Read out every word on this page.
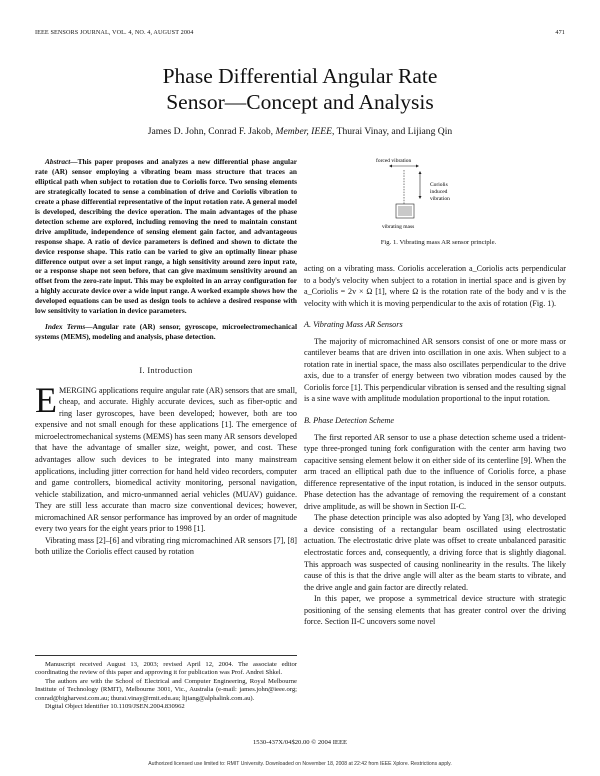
IEEE SENSORS JOURNAL, VOL. 4, NO. 4, AUGUST 2004	471
Phase Differential Angular Rate
Sensor—Concept and Analysis
James D. John, Conrad F. Jakob, Member, IEEE, Thurai Vinay, and Lijiang Qin

Abstract—This paper proposes and analyzes a new differential phase angular rate (AR) sensor employing a vibrating beam mass structure that traces an elliptical path when subject to rotation due to Coriolis force. Two sensing elements are strategically located to sense a combination of drive and Coriolis vibration to create a phase differential representative of the input rotation rate. A general model is developed, describing the device operation. The main advantages of the phase detection scheme are explored, including removing the need to maintain constant drive amplitude, independence of sensing element gain factor, and advantageous response shape. A ratio of device parameters is defined and shown to dictate the device response shape. This ratio can be varied to give an optimally linear phase difference output over a set input range, a high sensitivity around zero input rate, or a response shape not seen before, that can give maximum sensitivity around an offset from the zero-rate input. This may be exploited in an array configuration for a highly accurate device over a wide input range. A worked example shows how the developed equations can be used as design tools to achieve a desired response with low sensitivity to variation in device parameters.

Index Terms—Angular rate (AR) sensor, gyroscope, microelectromechanical systems (MEMS), modeling and analysis, phase detection.

I. Introduction

EMERGING applications require angular rate (AR) sensors that are small, cheap, and accurate. Highly accurate devices, such as fiber-optic and ring laser gyroscopes, have been developed; however, both are too expensive and not small enough for these applications [1]. The emergence of microelectromechanical systems (MEMS) has seen many AR sensors developed that have the advantage of smaller size, weight, power, and cost. These advantages allow such devices to be integrated into many mainstream applications, including jitter correction for hand held video recorders, computer and game controllers, biomedical activity monitoring, personal navigation, vehicle stabilization, and micro-unmanned aerial vehicles (MUAV) guidance. They are still less accurate than macro size conventional devices; however, micromachined AR sensor performance has improved by an order of magnitude every two years for the eight years prior to 1998 [1].

Vibrating mass [2]–[6] and vibrating ring micromachined AR sensors [7], [8] both utilize the Coriolis effect caused by rotation

Manuscript received August 13, 2003; revised April 12, 2004. The associate editor coordinating the review of this paper and approving it for publication was Prof. Andrei Shkel.

The authors are with the School of Electrical and Computer Engineering, Royal Melbourne Institute of Technology (RMIT), Melbourne 3001, Vic., Australia (e-mail: james.john@ieee.org; conrad@bigharvest.com.au; thurai.vinay@rmit.edu.au; lijiang@alphalink.com.au).

Digital Object Identifier 10.1109/JSEN.2004.830962

forced vibration
Coriolis
induced
vibration
vibrating mass
Fig. 1. Vibrating mass AR sensor principle.

acting on a vibrating mass. Coriolis acceleration a_Coriolis acts perpendicular to a body's velocity when subject to a rotation in inertial space and is given by a_Coriolis = 2v × Ω [1], where Ω is the rotation rate of the body and v is the velocity with which it is moving perpendicular to the axis of rotation (Fig. 1).

A. Vibrating Mass AR Sensors

The majority of micromachined AR sensors consist of one or more mass or cantilever beams that are driven into oscillation in one axis. When subject to a rotation rate in inertial space, the mass also oscillates perpendicular to the drive axis, due to a transfer of energy between two vibration modes caused by the Coriolis force [1]. This perpendicular vibration is sensed and the resulting signal is a sine wave with amplitude modulation proportional to the input rotation.

B. Phase Detection Scheme

The first reported AR sensor to use a phase detection scheme used a trident-type three-pronged tuning fork configuration with the center arm having two capacitive sensing element below it on either side of its centerline [9]. When the arm traced an elliptical path due to the influence of Coriolis force, a phase difference representative of the input rotation, is induced in the sensor outputs. Phase detection has the advantage of removing the requirement of a constant drive amplitude, as will be shown in Section II-C.

The phase detection principle was also adopted by Yang [3], who developed a device consisting of a rectangular beam oscillated using electrostatic actuation. The electrostatic drive plate was offset to create unbalanced parasitic electrostatic forces and, consequently, a driving force that is slightly diagonal. This approach was suspected of causing nonlinearity in the results. The likely cause of this is that the drive angle will alter as the beam starts to vibrate, and the drive angle and gain factor are directly related.

In this paper, we propose a symmetrical device structure with strategic positioning of the sensing elements that has greater control over the driving force. Section II-C uncovers some novel

1530-437X/04$20.00 © 2004 IEEE
Authorized licensed use limited to: RMIT University. Downloaded on November 18, 2008 at 22:42 from IEEE Xplore. Restrictions apply.
